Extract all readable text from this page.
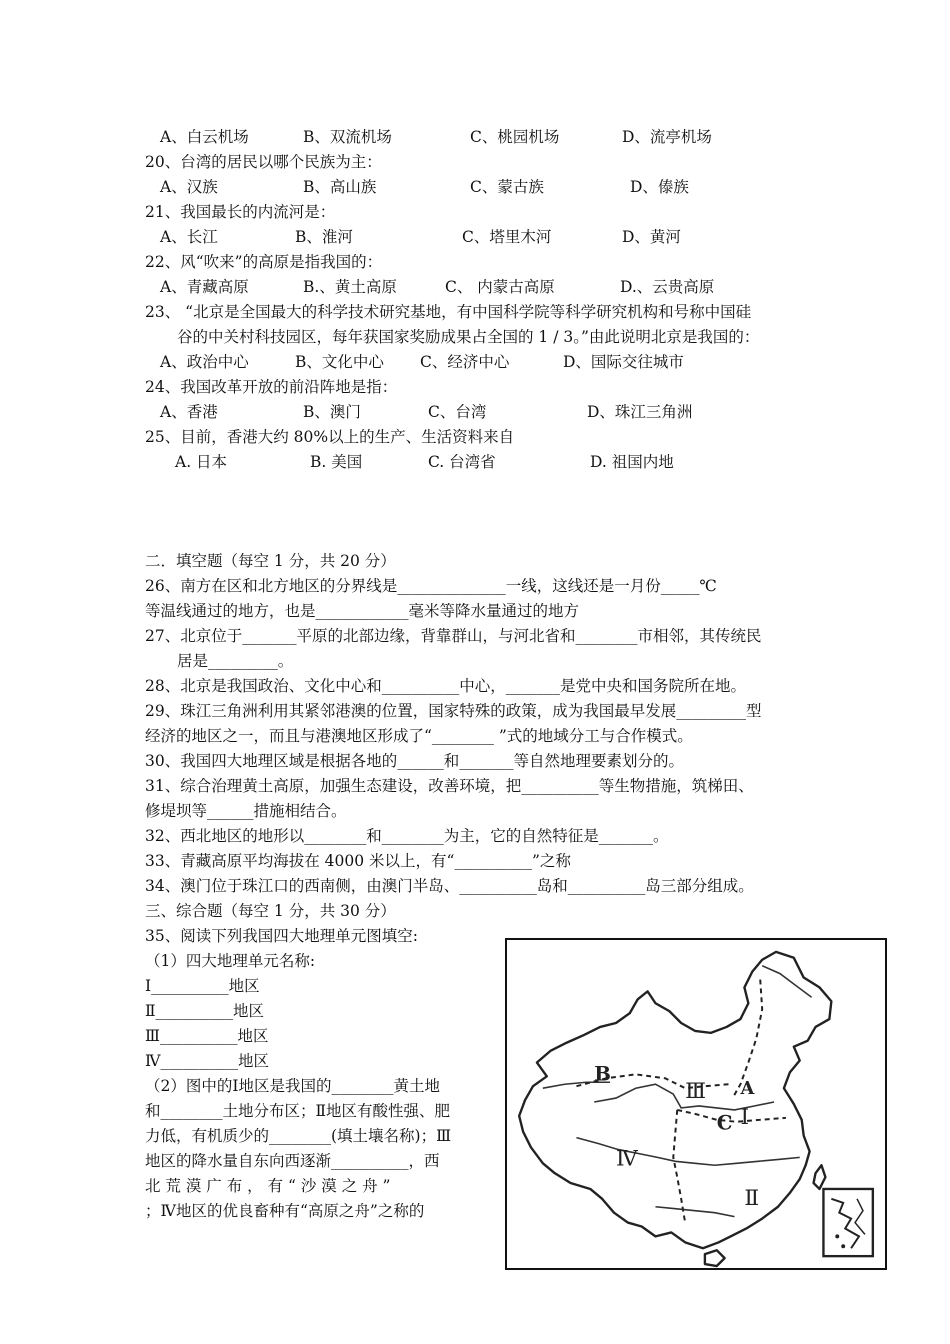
A、白云机场	B、双流机场	C、桃园机场	D、流亭机场
20、台湾的居民以哪个民族为主：
A、汉族	B、高山族	C、蒙古族	D、傣族
21、我国最长的内流河是：
A、长江	B、淮河	C、塔里木河	D、黄河
22、风“吹来”的高原是指我国的：
A、青藏高原	B.、黄土高原	C、 内蒙古高原	D.、云贵高原
23、 “北京是全国最大的科学技术研究基地，有中国科学院等科学研究机构和号称中国硅
谷的中关村科技园区，每年获国家奖励成果占全国的 1 / 3。”由此说明北京是我国的：
A、政治中心	B、文化中心 C、经济中心	D、国际交往城市
24、我国改革开放的前沿阵地是指：
A、香港	B、澳门	C、台湾	D、珠江三角洲
25、目前，香港大约 80%以上的生产、生活资料来自
A. 日本	B. 美国	C. 台湾省	D. 祖国内地
二．填空题（每空 1 分，共 20 分）
26、南方在区和北方地区的分界线是______________一线，这线还是一月份_____℃
等温线通过的地方，也是____________毫米等降水量通过的地方
27、北京位于_______平原的北部边缘，背靠群山，与河北省和________市相邻，其传统民
居是_________。
28、北京是我国政治、文化中心和__________中心，_______是党中央和国务院所在地。
29、珠江三角洲利用其紧邻港澳的位置，国家特殊的政策，成为我国最早发展_________型
经济的地区之一，而且与港澳地区形成了“________ ”式的地域分工与合作模式。
30、我国四大地理区域是根据各地的______和_______等自然地理要素划分的。
31、综合治理黄土高原，加强生态建设，改善环境，把__________等生物措施，筑梯田、
修堤坝等______措施相结合。
32、西北地区的地形以________和________为主，它的自然特征是_______。
33、青藏高原平均海拔在 4000 米以上，有“__________”之称
34、澳门位于珠江口的西南侧，由澳门半岛、__________岛和__________岛三部分组成。
三、综合题（每空 1 分，共 30 分）
35、阅读下列我国四大地理单元图填空:
（1）四大地理单元名称:
Ⅰ__________地区
Ⅱ__________地区
Ⅲ__________地区
Ⅳ__________地区
（2）图中的Ⅰ地区是我国的________黄土地
和________土地分布区；Ⅱ地区有酸性强、肥
力低，有机质少的________(填土壤名称)；Ⅲ
地区的降水量自东向西逐渐__________，西
北 荒 漠 广 布 ， 有 “ 沙 漠 之 舟 ”
；Ⅳ地区的优良畜种有“高原之舟”之称的
B
A
C
Ⅲ
Ⅰ
Ⅳ
Ⅱ
